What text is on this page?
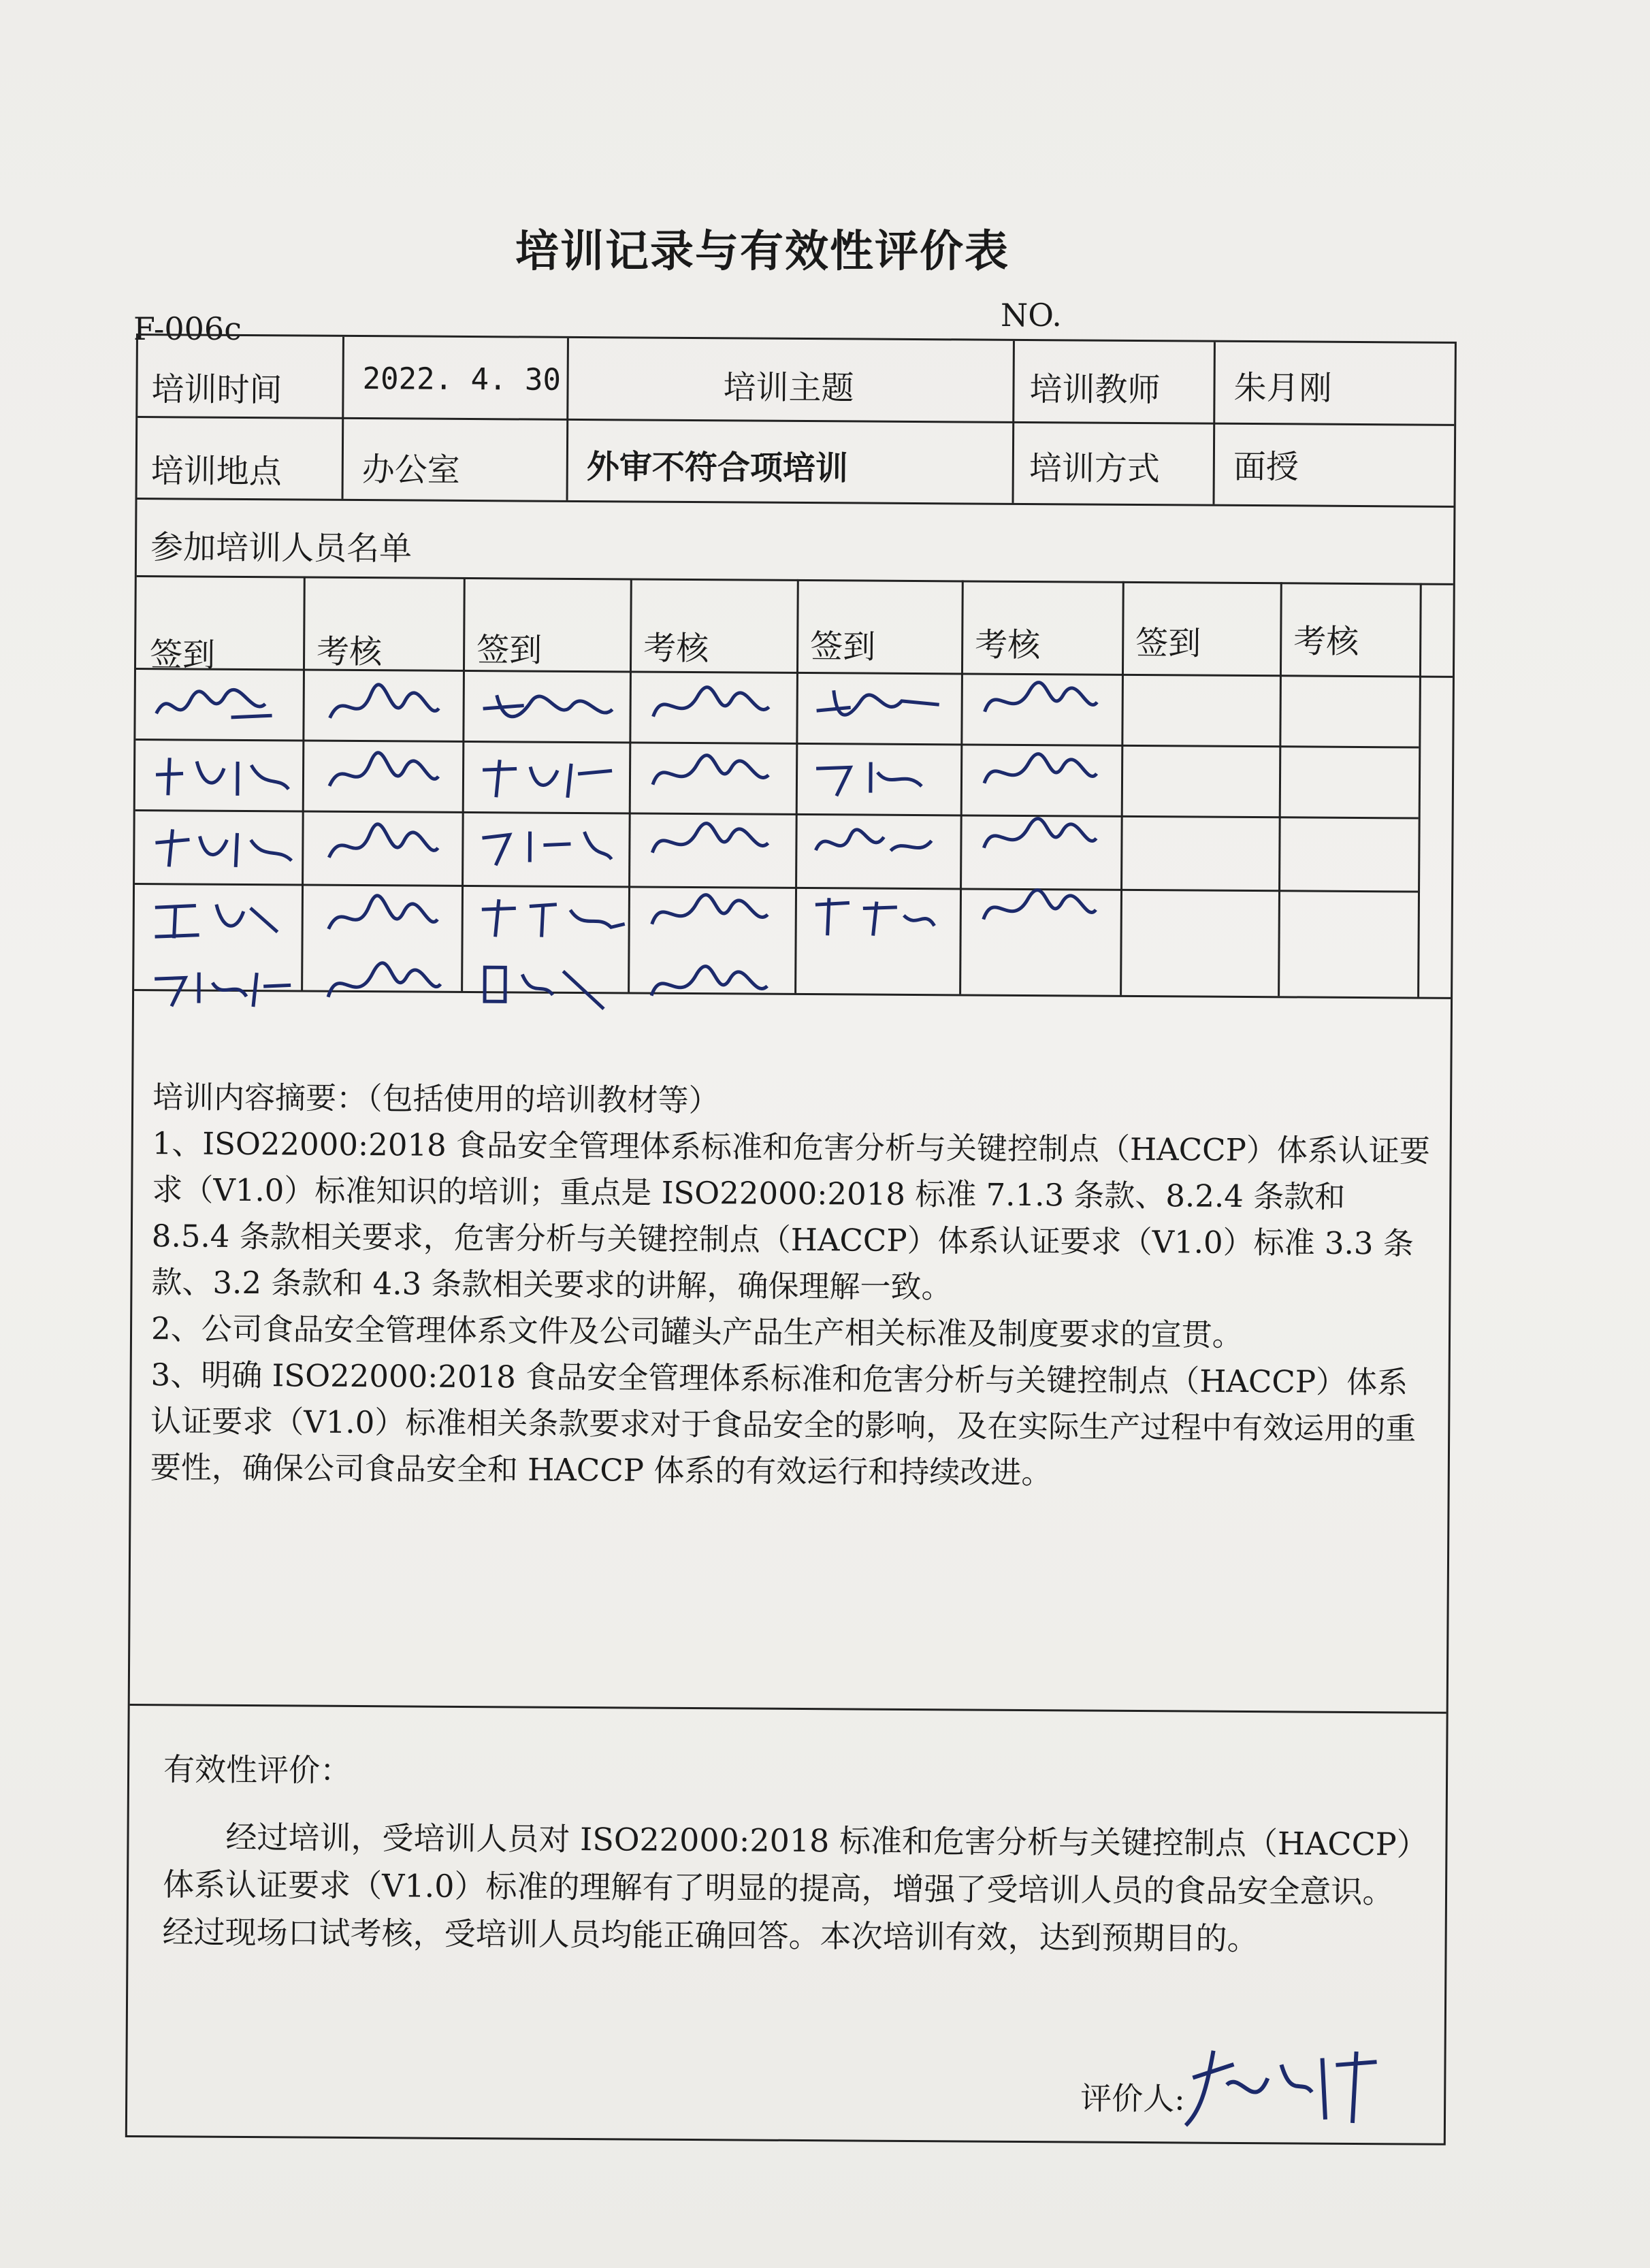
培训记录与有效性评价表
F-006c	NO.
培训时间	2022. 4. 30	培训主题	培训教师 朱月刚
培训地点 办公室	外审不符合项培训	培训方式 面授
参加培训人员名单
签到	考核	签到	考核	签到	考核	签到	考核

培训内容摘要：（包括使用的培训教材等）

1、ISO22000:2018 食品安全管理体系标准和危害分析与关键控制点（HACCP）体系认证要求（V1.0）标准知识的培训；重点是 ISO22000:2018 标准 7.1.3 条款、8.2.4 条款和 8.5.4 条款相关要求，危害分析与关键控制点（HACCP）体系认证要求（V1.0）标准 3.3 条款、3.2 条款和 4.3 条款相关要求的讲解，确保理解一致。

2、公司食品安全管理体系文件及公司罐头产品生产相关标准及制度要求的宣贯。

3、明确 ISO22000:2018 食品安全管理体系标准和危害分析与关键控制点（HACCP）体系认证要求（V1.0）标准相关条款要求对于食品安全的影响，及在实际生产过程中有效运用的重要性，确保公司食品安全和 HACCP 体系的有效运行和持续改进。

有效性评价：

经过培训，受培训人员对 ISO22000:2018 标准和危害分析与关键控制点（HACCP）体系认证要求（V1.0）标准的理解有了明显的提高，增强了受培训人员的食品安全意识。经过现场口试考核，受培训人员均能正确回答。本次培训有效，达到预期目的。

评价人:
